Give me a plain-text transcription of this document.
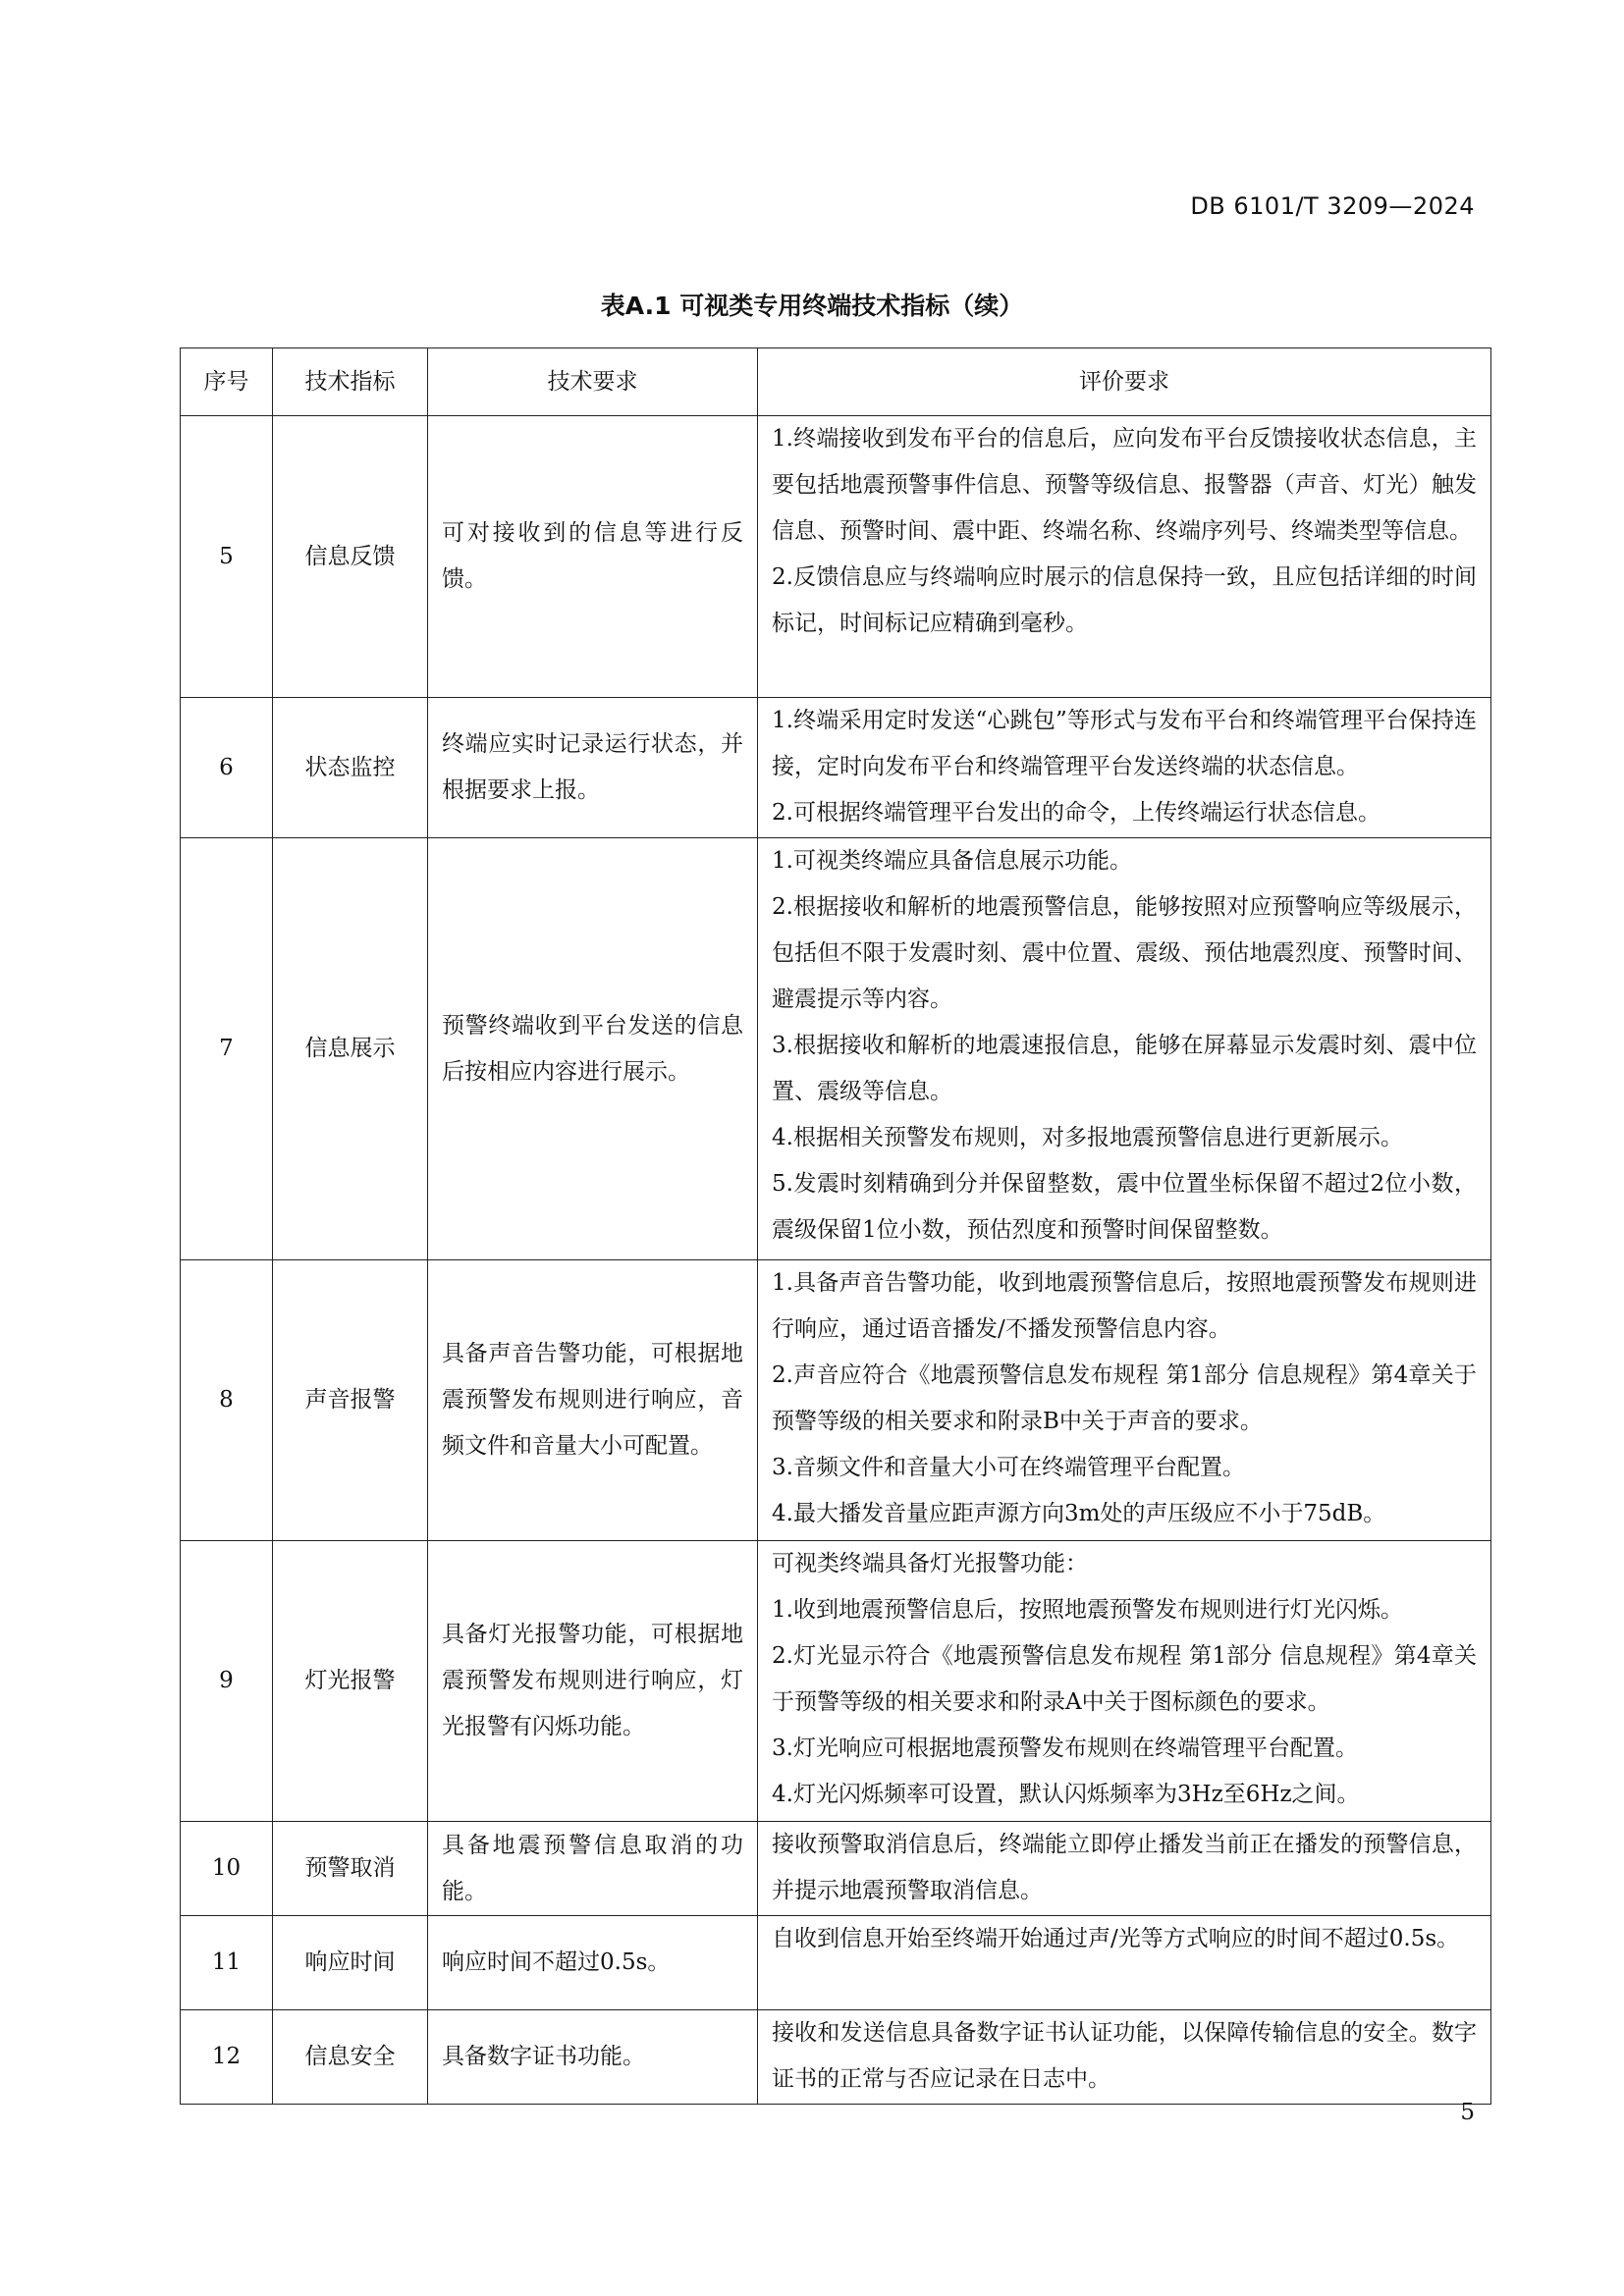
DB 6101/T 3209—2024
表A.1 可视类专用终端技术指标（续）
序号	技术指标	技术要求	评价要求
5	信息反馈	可对接收到的信息等进行反馈。	1.终端接收到发布平台的信息后，应向发布平台反馈接收状态信息，主要包括地震预警事件信息、预警等级信息、报警器（声音、灯光）触发信息、预警时间、震中距、终端名称、终端序列号、终端类型等信息。

2.反馈信息应与终端响应时展示的信息保持一致，且应包括详细的时间标记，时间标记应精确到毫秒。

6	状态监控	终端应实时记录运行状态，并根据要求上报。	1.终端采用定时发送“心跳包”等形式与发布平台和终端管理平台保持连接，定时向发布平台和终端管理平台发送终端的状态信息。

2.可根据终端管理平台发出的命令，上传终端运行状态信息。

7	信息展示	预警终端收到平台发送的信息后按相应内容进行展示。	1.可视类终端应具备信息展示功能。

2.根据接收和解析的地震预警信息，能够按照对应预警响应等级展示，包括但不限于发震时刻、震中位置、震级、预估地震烈度、预警时间、避震提示等内容。

3.根据接收和解析的地震速报信息，能够在屏幕显示发震时刻、震中位置、震级等信息。

4.根据相关预警发布规则，对多报地震预警信息进行更新展示。

5.发震时刻精确到分并保留整数，震中位置坐标保留不超过2位小数，震级保留1位小数，预估烈度和预警时间保留整数。

8	声音报警	具备声音告警功能，可根据地震预警发布规则进行响应，音频文件和音量大小可配置。	1.具备声音告警功能，收到地震预警信息后，按照地震预警发布规则进行响应，通过语音播发/不播发预警信息内容。

2.声音应符合《地震预警信息发布规程 第1部分 信息规程》第4章关于预警等级的相关要求和附录B中关于声音的要求。

3.音频文件和音量大小可在终端管理平台配置。

4.最大播发音量应距声源方向3m处的声压级应不小于75dB。

9	灯光报警	具备灯光报警功能，可根据地震预警发布规则进行响应，灯光报警有闪烁功能。	可视类终端具备灯光报警功能：

1.收到地震预警信息后，按照地震预警发布规则进行灯光闪烁。

2.灯光显示符合《地震预警信息发布规程 第1部分 信息规程》第4章关于预警等级的相关要求和附录A中关于图标颜色的要求。

3.灯光响应可根据地震预警发布规则在终端管理平台配置。

4.灯光闪烁频率可设置，默认闪烁频率为3Hz至6Hz之间。

10	预警取消	具备地震预警信息取消的功能。	接收预警取消信息后，终端能立即停止播发当前正在播发的预警信息，并提示地震预警取消信息。

11	响应时间	响应时间不超过0.5s。	自收到信息开始至终端开始通过声/光等方式响应的时间不超过0.5s。

12	信息安全	具备数字证书功能。	接收和发送信息具备数字证书认证功能，以保障传输信息的安全。数字证书的正常与否应记录在日志中。

5
